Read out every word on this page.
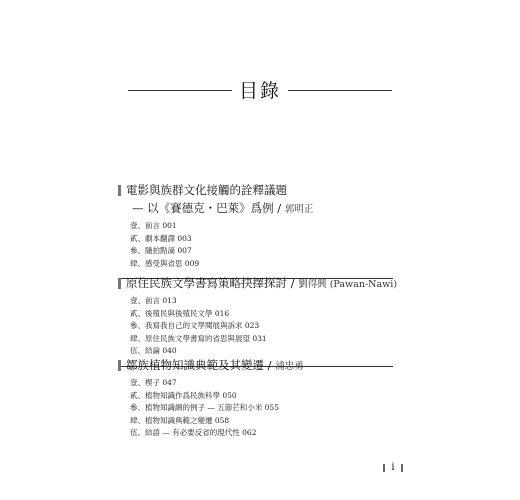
目錄
電影與族群文化接觸的詮釋議題
— 以《賽德克・巴萊》爲例 / 郭明正
壹、前言 001
貳、劇本翻譯 003
參、隨拍點滴 007
肆、感受與省思 009
原住民族文學書寫策略抉擇探討 / 劉得興 (Pawan-Nawi)
壹、前言 013
貳、後殖民與後殖民文學 016
參、我寫我自己的文學閱展與訴求 023
肆、原住民族文學書寫的省思與展望 031
伍、結論 040
鄒族植物知識典範及其變遷 / 浦忠勇
壹、楔子 047
貳、植物知識作爲民族科學 050
參、植物知識網的例子 — 五節芒和小米 055
肆、植物知識典範之變遷 058
伍、結語 — 有必要反省的現代性 062
i
